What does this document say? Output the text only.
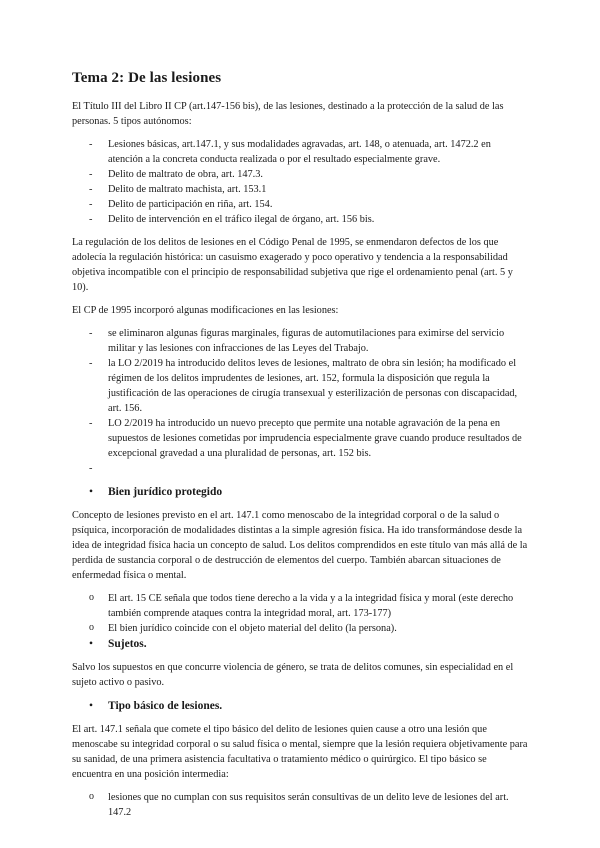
Tema 2: De las lesiones

El Título III del Libro II CP (art.147-156 bis), de las lesiones, destinado a la protección de la salud de las personas. 5 tipos autónomos:

- Lesiones básicas, art.147.1, y sus modalidades agravadas, art. 148, o atenuada, art. 1472.2 en atención a la concreta conducta realizada o por el resultado especialmente grave.
- Delito de maltrato de obra, art. 147.3.
- Delito de maltrato machista, art. 153.1
- Delito de participación en riña, art. 154.
- Delito de intervención en el tráfico ilegal de órgano, art. 156 bis.

La regulación de los delitos de lesiones en el Código Penal de 1995, se enmendaron defectos de los que adolecía la regulación histórica: un casuismo exagerado y poco operativo y tendencia a la responsabilidad objetiva incompatible con el principio de responsabilidad subjetiva que rige el ordenamiento penal (art. 5 y 10).

El CP de 1995 incorporó algunas modificaciones en las lesiones:

- se eliminaron algunas figuras marginales, figuras de automutilaciones para eximirse del servicio militar y las lesiones con infracciones de las Leyes del Trabajo.
- la LO 2/2019 ha introducido delitos leves de lesiones, maltrato de obra sin lesión; ha modificado el régimen de los delitos imprudentes de lesiones, art. 152, formula la disposición que regula la justificación de las operaciones de cirugía transexual y esterilización de personas con discapacidad, art. 156.
- LO 2/2019 ha introducido un nuevo precepto que permite una notable agravación de la pena en supuestos de lesiones cometidas por imprudencia especialmente grave cuando produce resultados de excepcional gravedad a una pluralidad de personas, art. 152 bis.
-
• Bien jurídico protegido

Concepto de lesiones previsto en el art. 147.1 como menoscabo de la integridad corporal o de la salud o psíquica, incorporación de modalidades distintas a la simple agresión física. Ha ido transformándose desde la idea de integridad física hacia un concepto de salud. Los delitos comprendidos en este título van más allá de la perdida de sustancia corporal o de destrucción de elementos del cuerpo. También abarcan situaciones de enfermedad física o mental.

o El art. 15 CE señala que todos tiene derecho a la vida y a la integridad física y moral (este derecho también comprende ataques contra la integridad moral, art. 173-177)
o El bien jurídico coincide con el objeto material del delito (la persona).
• Sujetos.

Salvo los supuestos en que concurre violencia de género, se trata de delitos comunes, sin especialidad en el sujeto activo o pasivo.

• Tipo básico de lesiones.

El art. 147.1 señala que comete el tipo básico del delito de lesiones quien cause a otro una lesión que menoscabe su integridad corporal o su salud física o mental, siempre que la lesión requiera objetivamente para su sanidad, de una primera asistencia facultativa o tratamiento médico o quirúrgico. El tipo básico se encuentra en una posición intermedia:

o lesiones que no cumplan con sus requisitos serán consultivas de un delito leve de lesiones del art. 147.2
